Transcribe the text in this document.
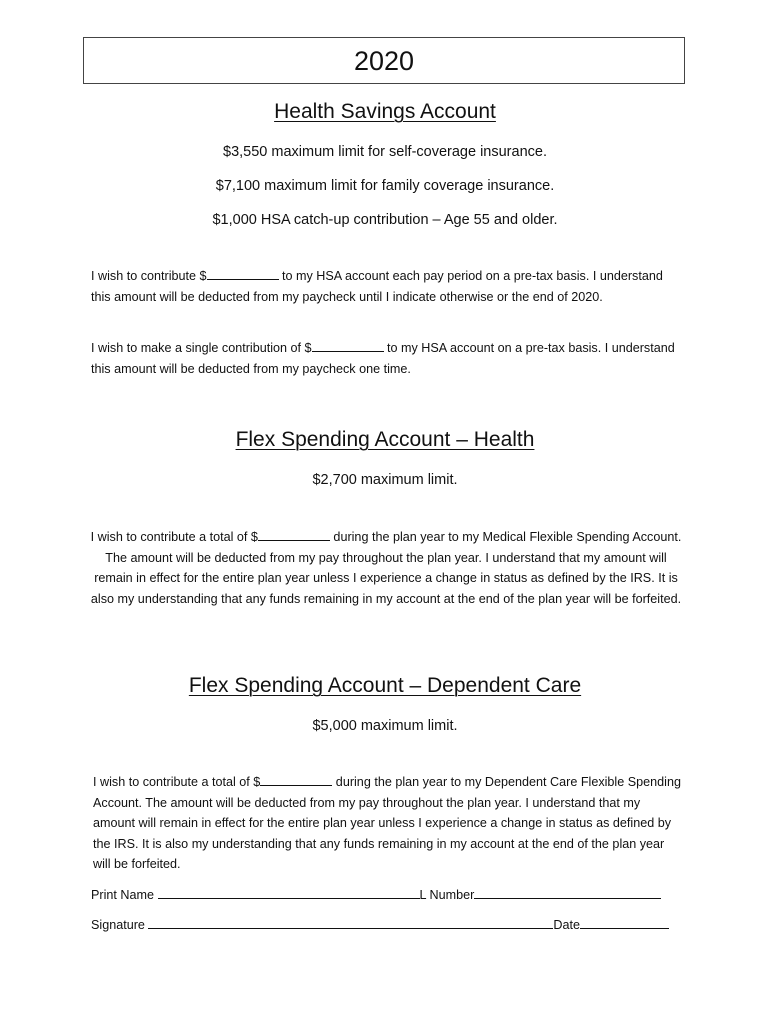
2020
Health Savings Account
$3,550 maximum limit for self-coverage insurance.
$7,100 maximum limit for family coverage insurance.
$1,000 HSA catch-up contribution – Age 55 and older.

I wish to contribute $	to my HSA account each pay period on a pre-tax basis. I understand this amount will be deducted from my paycheck until I indicate otherwise or the end of 2020.

I wish to make a single contribution of $	to my HSA account on a pre-tax basis. I understand this amount will be deducted from my paycheck one time.

Flex Spending Account – Health
$2,700 maximum limit.

I wish to contribute a total of $	during the plan year to my Medical Flexible Spending Account. The amount will be deducted from my pay throughout the plan year. I understand that my amount will remain in effect for the entire plan year unless I experience a change in status as defined by the IRS. It is also my understanding that any funds remaining in my account at the end of the plan year will be forfeited.

Flex Spending Account – Dependent Care
$5,000 maximum limit.

I wish to contribute a total of $	during the plan year to my Dependent Care Flexible Spending Account. The amount will be deducted from my pay throughout the plan year. I understand that my amount will remain in effect for the entire plan year unless I experience a change in status as defined by the IRS. It is also my understanding that any funds remaining in my account at the end of the plan year will be forfeited.

Print Name	L Number
Signature	Date
